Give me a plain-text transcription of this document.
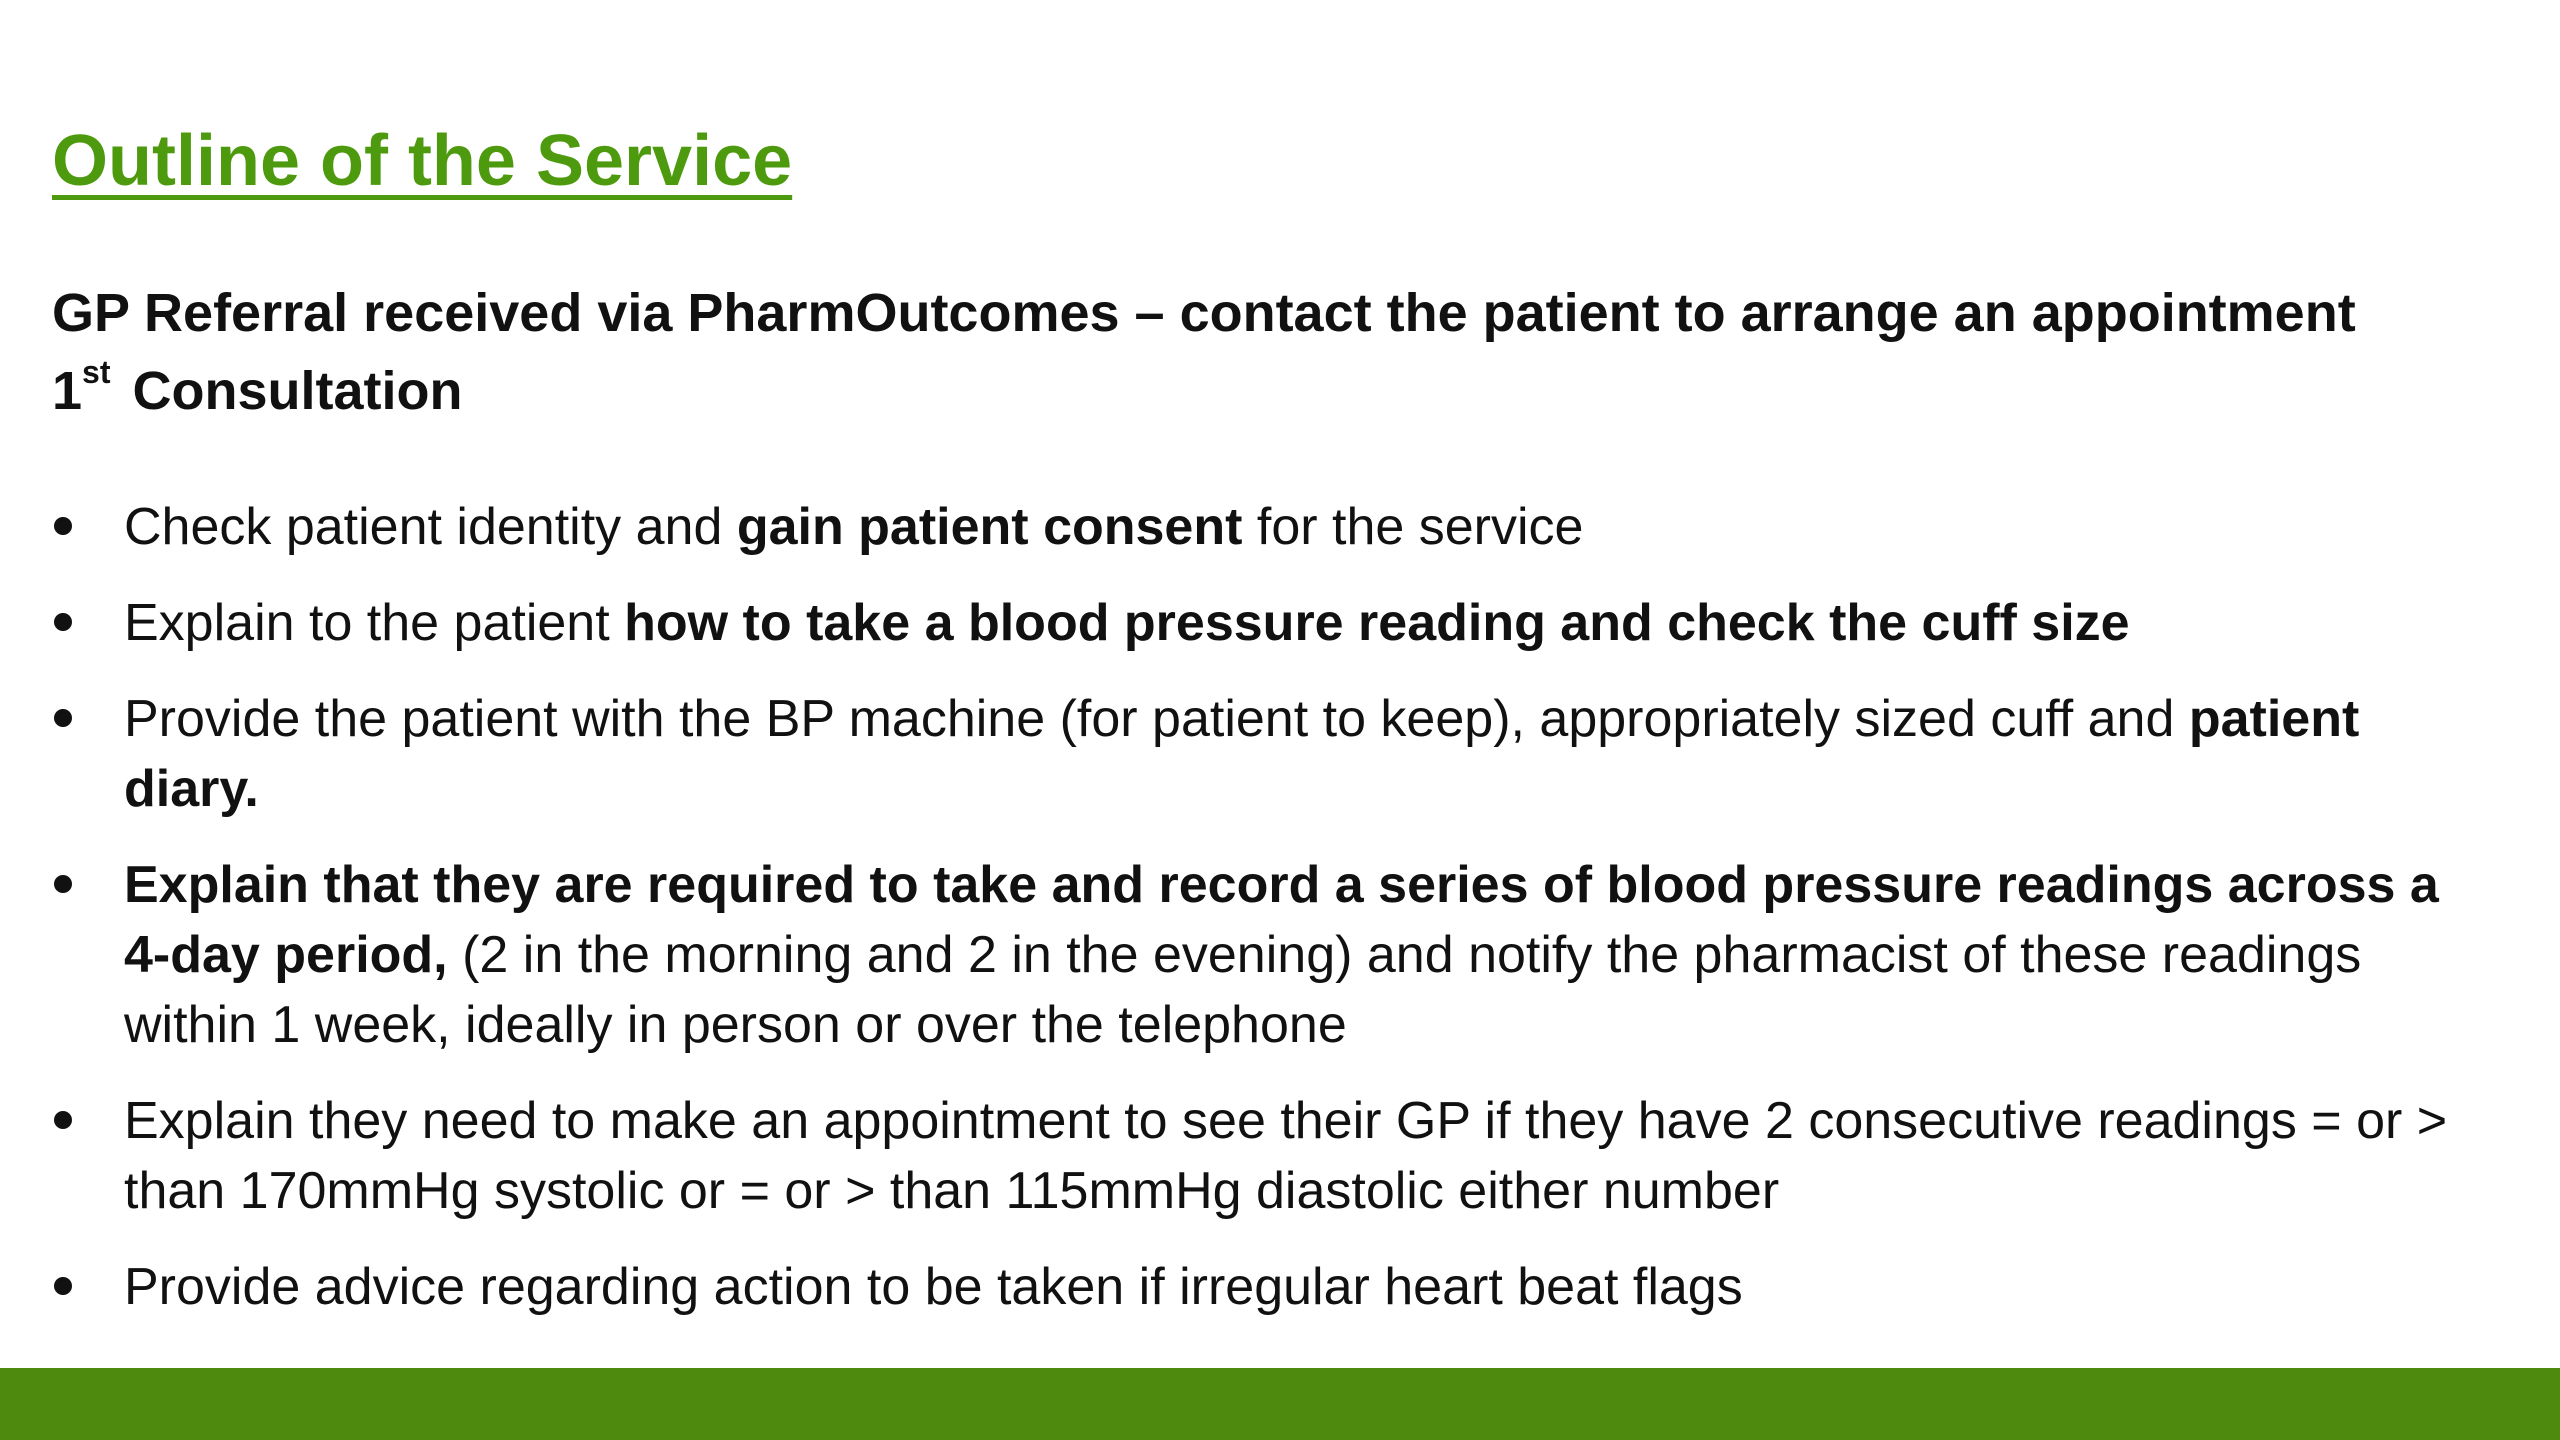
Outline of the Service

GP Referral received via PharmOutcomes – contact the patient to arrange an appointment

1st Consultation

Check patient identity and gain patient consent for the service
Explain to the patient how to take a blood pressure reading and check the cuff size
Provide the patient with the BP machine (for patient to keep), appropriately sized cuff and patient diary.
Explain that they are required to take and record a series of blood pressure readings across a 4-day period, (2 in the morning and 2 in the evening) and notify the pharmacist of these readings within 1 week, ideally in person or over the telephone
Explain they need to make an appointment to see their GP if they have 2 consecutive readings = or > than 170mmHg systolic or = or > than 115mmHg diastolic either number
Provide advice regarding action to be taken if irregular heart beat flags
